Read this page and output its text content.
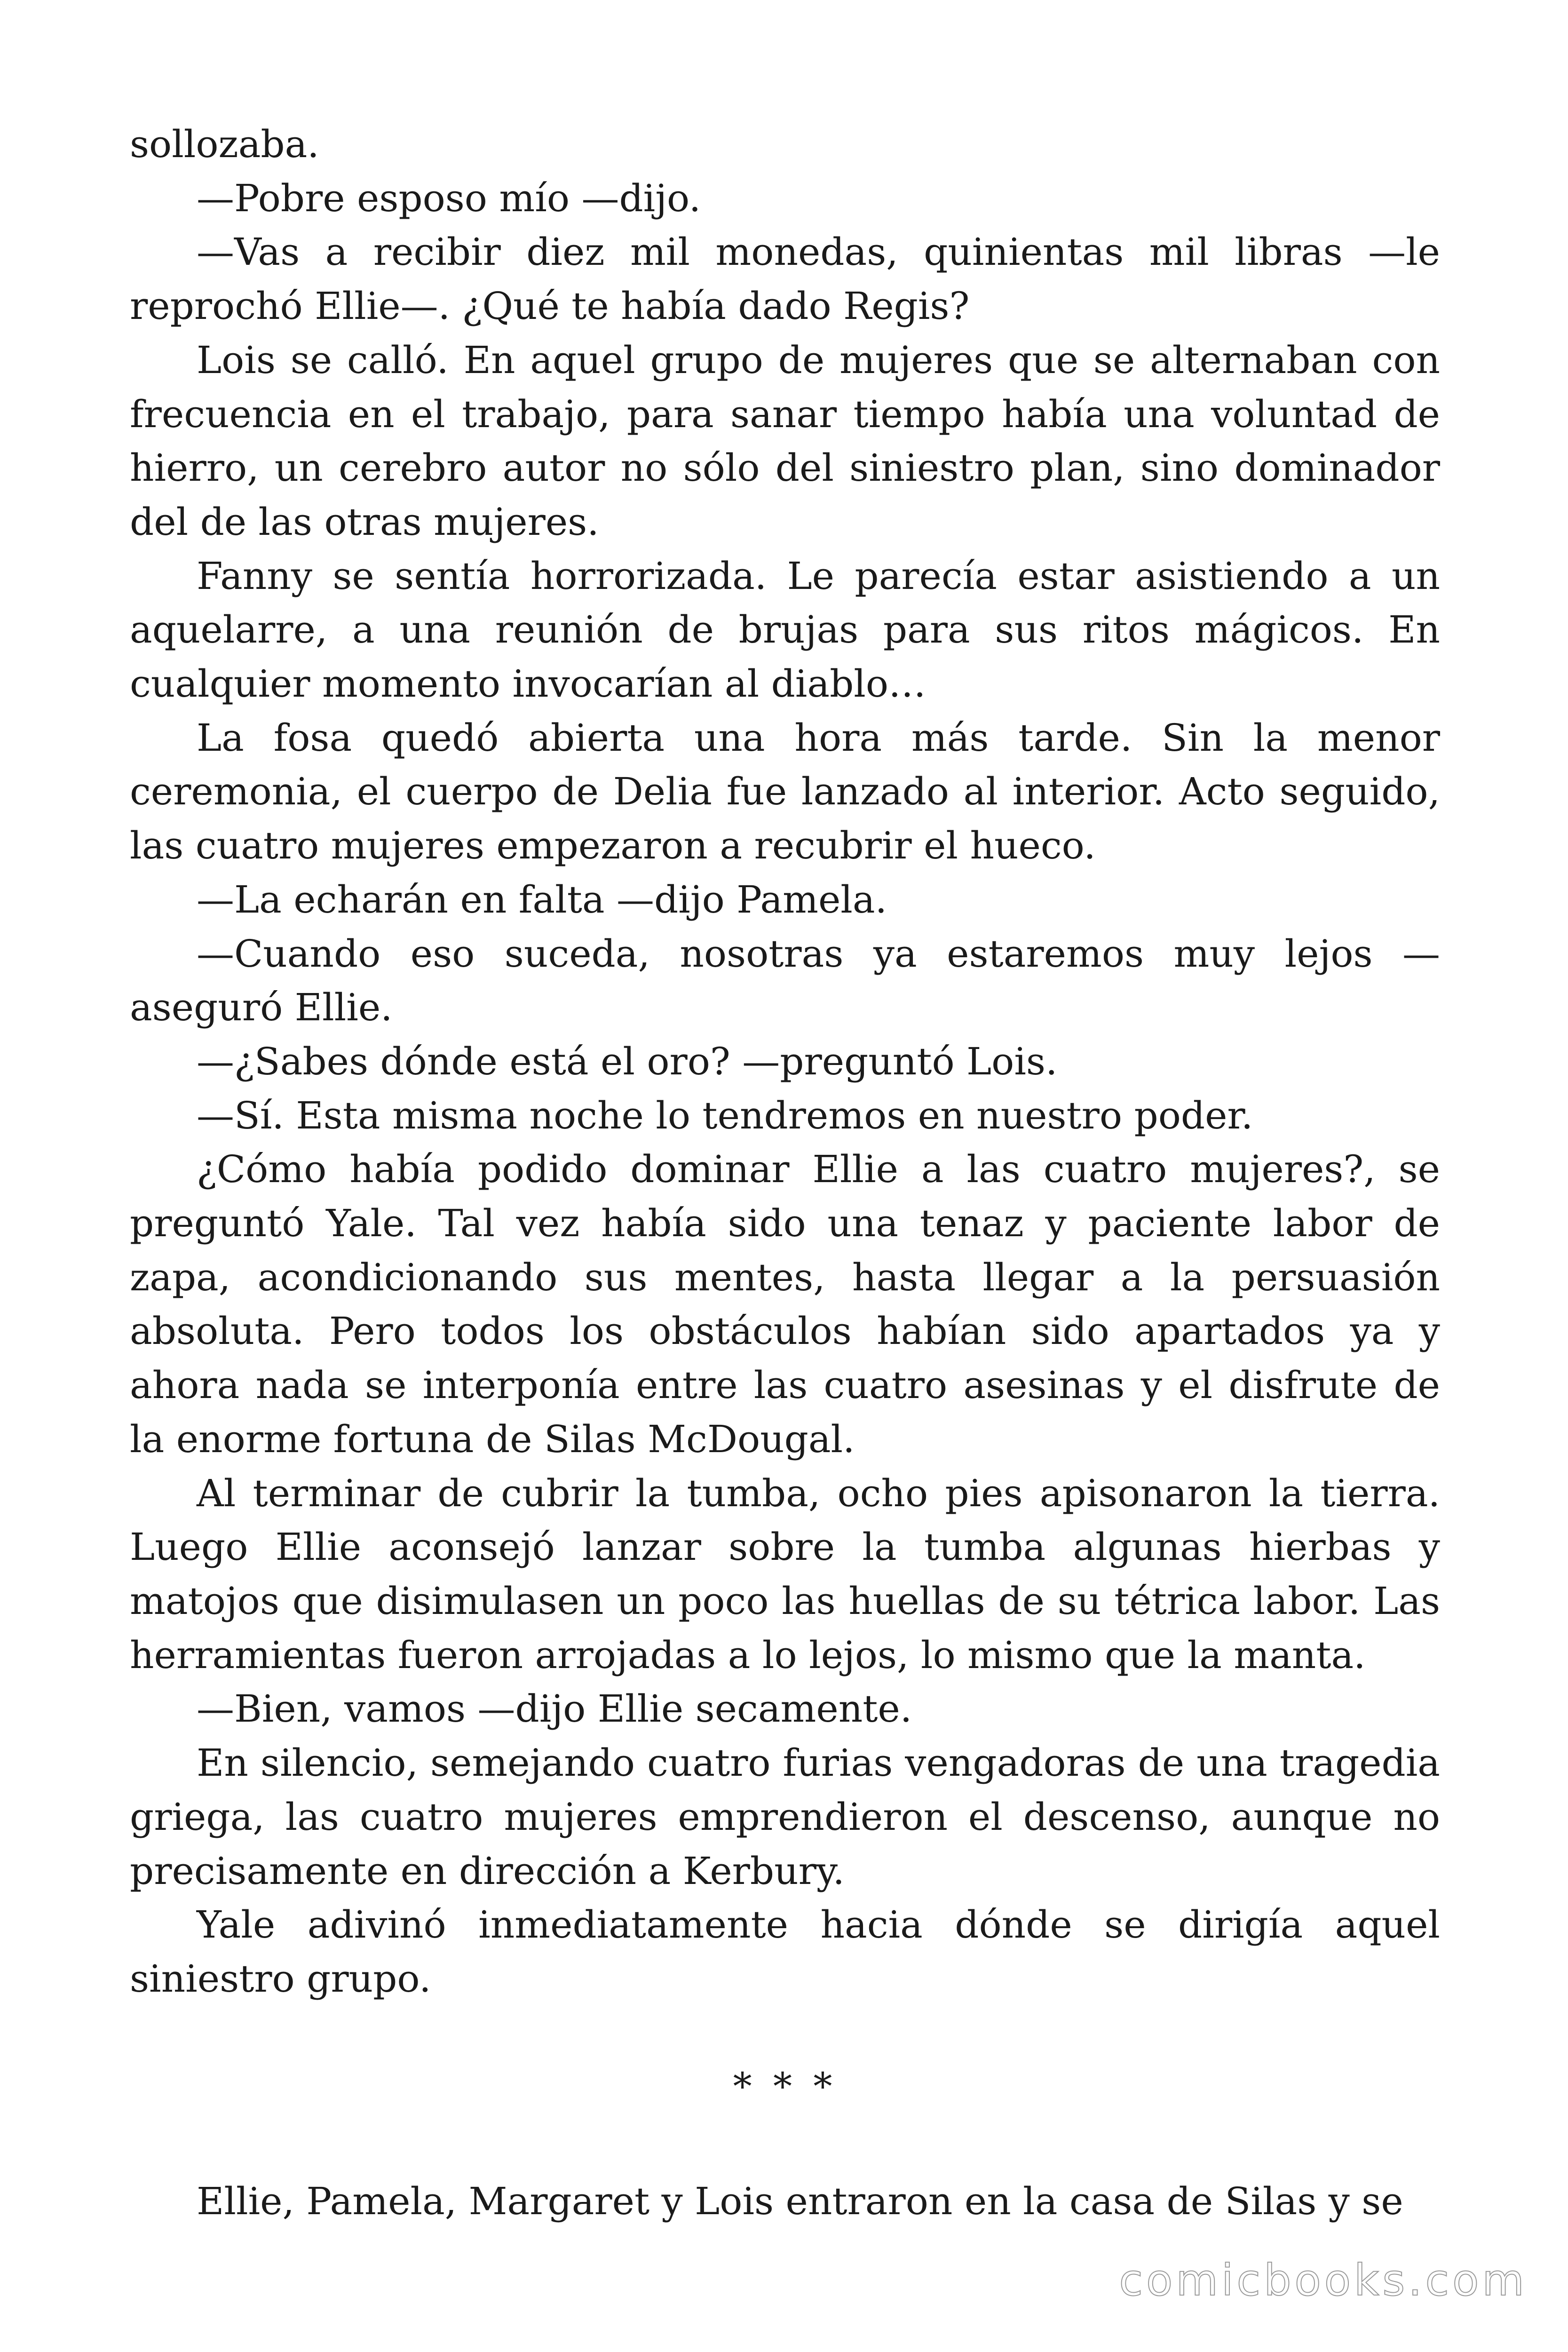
sollozaba.

—Pobre esposo mío —dijo.

—Vas a recibir diez mil monedas, quinientas mil libras —le reprochó Ellie—. ¿Qué te había dado Regis?

Lois se calló. En aquel grupo de mujeres que se alternaban con frecuencia en el trabajo, para sanar tiempo había una voluntad de hierro, un cerebro autor no sólo del siniestro plan, sino dominador del de las otras mujeres.

Fanny se sentía horrorizada. Le parecía estar asistiendo a un aquelarre, a una reunión de brujas para sus ritos mágicos. En cualquier momento invocarían al diablo…

La fosa quedó abierta una hora más tarde. Sin la menor ceremonia, el cuerpo de Delia fue lanzado al interior. Acto seguido, las cuatro mujeres empezaron a recubrir el hueco.

—La echarán en falta —dijo Pamela.

—Cuando eso suceda, nosotras ya estaremos muy lejos — aseguró Ellie.

—¿Sabes dónde está el oro? —preguntó Lois.

—Sí. Esta misma noche lo tendremos en nuestro poder.

¿Cómo había podido dominar Ellie a las cuatro mujeres?, se preguntó Yale. Tal vez había sido una tenaz y paciente labor de zapa, acondicionando sus mentes, hasta llegar a la persuasión absoluta. Pero todos los obstáculos habían sido apartados ya y ahora nada se interponía entre las cuatro asesinas y el disfrute de la enorme fortuna de Silas McDougal.

Al terminar de cubrir la tumba, ocho pies apisonaron la tierra. Luego Ellie aconsejó lanzar sobre la tumba algunas hierbas y matojos que disimulasen un poco las huellas de su tétrica labor. Las herramientas fueron arrojadas a lo lejos, lo mismo que la manta.

—Bien, vamos —dijo Ellie secamente.

En silencio, semejando cuatro furias vengadoras de una tragedia griega, las cuatro mujeres emprendieron el descenso, aunque no precisamente en dirección a Kerbury.

Yale adivinó inmediatamente hacia dónde se dirigía aquel siniestro grupo.

* * *

Ellie, Pamela, Margaret y Lois entraron en la casa de Silas y se

comicbooks.com
